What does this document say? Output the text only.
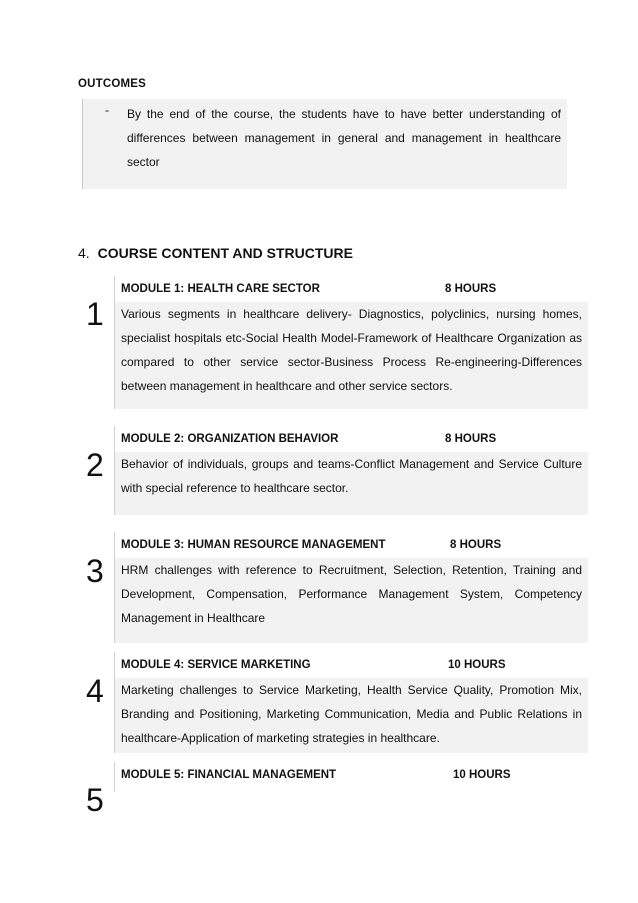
OUTCOMES
- By the end of the course, the students have to have better understanding of differences between management in general and management in healthcare sector
4. COURSE CONTENT AND STRUCTURE
1
MODULE 1: HEALTH CARE SECTOR	8 HOURS
Various segments in healthcare delivery- Diagnostics, polyclinics, nursing homes, specialist hospitals etc-Social Health Model-Framework of Healthcare Organization as compared to other service sector-Business Process Re-engineering-Differences between management in healthcare and other service sectors.
2
MODULE 2: ORGANIZATION BEHAVIOR	8 HOURS
Behavior of individuals, groups and teams-Conflict Management and Service Culture with special reference to healthcare sector.
3
MODULE 3: HUMAN RESOURCE MANAGEMENT	8 HOURS
HRM challenges with reference to Recruitment, Selection, Retention, Training and Development, Compensation, Performance Management System, Competency Management in Healthcare
4
MODULE 4: SERVICE MARKETING	10 HOURS
Marketing challenges to Service Marketing, Health Service Quality, Promotion Mix, Branding and Positioning, Marketing Communication, Media and Public Relations in healthcare-Application of marketing strategies in healthcare.
5
MODULE 5: FINANCIAL MANAGEMENT	10 HOURS
